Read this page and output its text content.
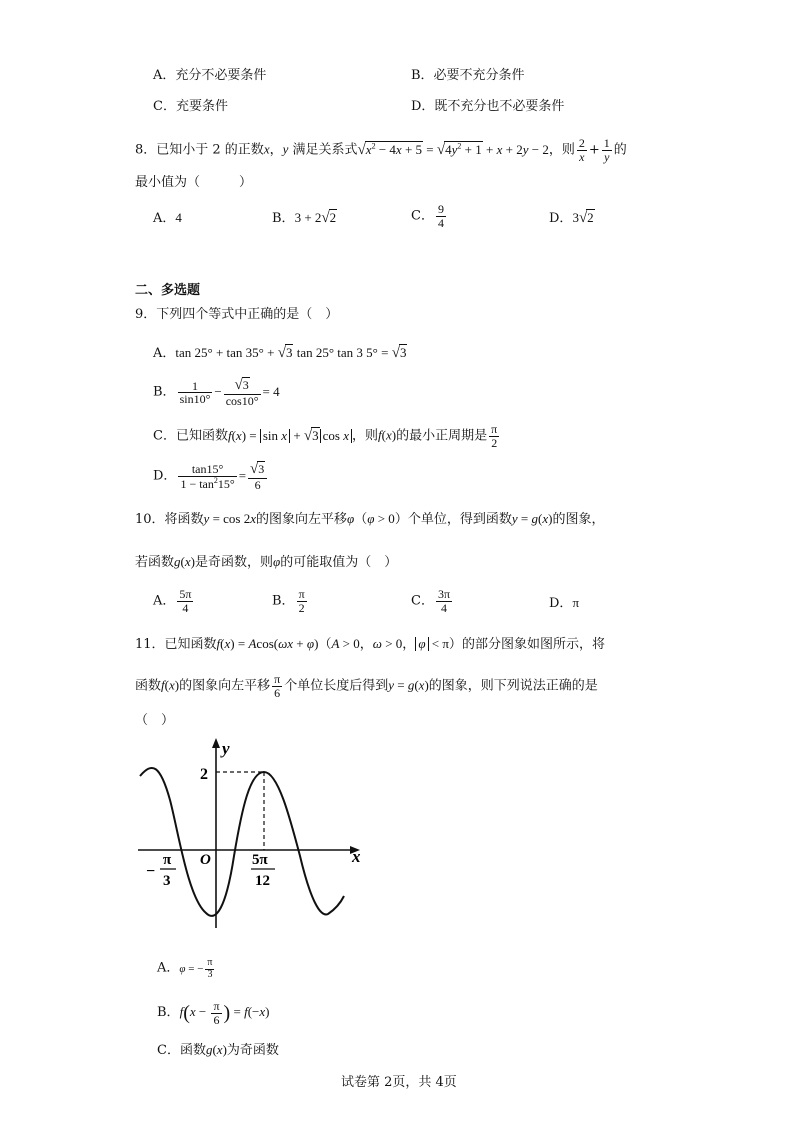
A．充分不必要条件	B．必要不充分条件
C．充要条件	D．既不充分也不必要条件
8．已知小于 2 的正数x，y 满足关系式$√x^2 - 4x + 5 = √4y^2 + 1 + x + 2y - 2$，则 $\frac{2}{x} + \frac{1}{y}$ 的
最小值为（　　　）
A．4	B．3 + 2√2	C． $\frac{9}{4}$	D．3√2
二、多选题
9．下列四个等式中正确的是（　）
A．tan 25° + tan 35° + √3 tan 25° tan 3 5° = √3
B． $\frac{1}{\sin 10^\circ} - \frac{√3}{\cos 10^\circ} = 4$
C．已知函数f(x) = sin x + √3 cos x ，则f(x)的最小正周期是 $\frac{\pi}{2}$
D． $\frac{\tan 15^\circ}{1 - \tan^215^\circ} = \frac{√3}{6}$
10．将函数y = cos 2x的图象向左平移φ（φ > 0）个单位，得到函数y = g(x)的图象，
若函数g(x)是奇函数，则φ的可能取值为（　）
A． $\frac{5\pi}{4}$	B． $\frac{\pi}{2}$	C． $\frac{3\pi}{4}$	D．π
11．已知函数f(x) = Acos(ωx + φ)（A > 0，ω > 0， φ < π）的部分图象如图所示，将
函数f(x)的图象向左平移 $\frac{\pi}{6}$ 个单位长度后得到y = g(x)的图象，则下列说法正确的是
（　）
y
x
O
2
−
π
3
5π
12
A．φ = − $\frac{\pi}{3}$
B．$f(x - \frac{\pi}{6}$ ) = f(−x)
C．函数g(x)为奇函数
试卷第 2页，共 4页
